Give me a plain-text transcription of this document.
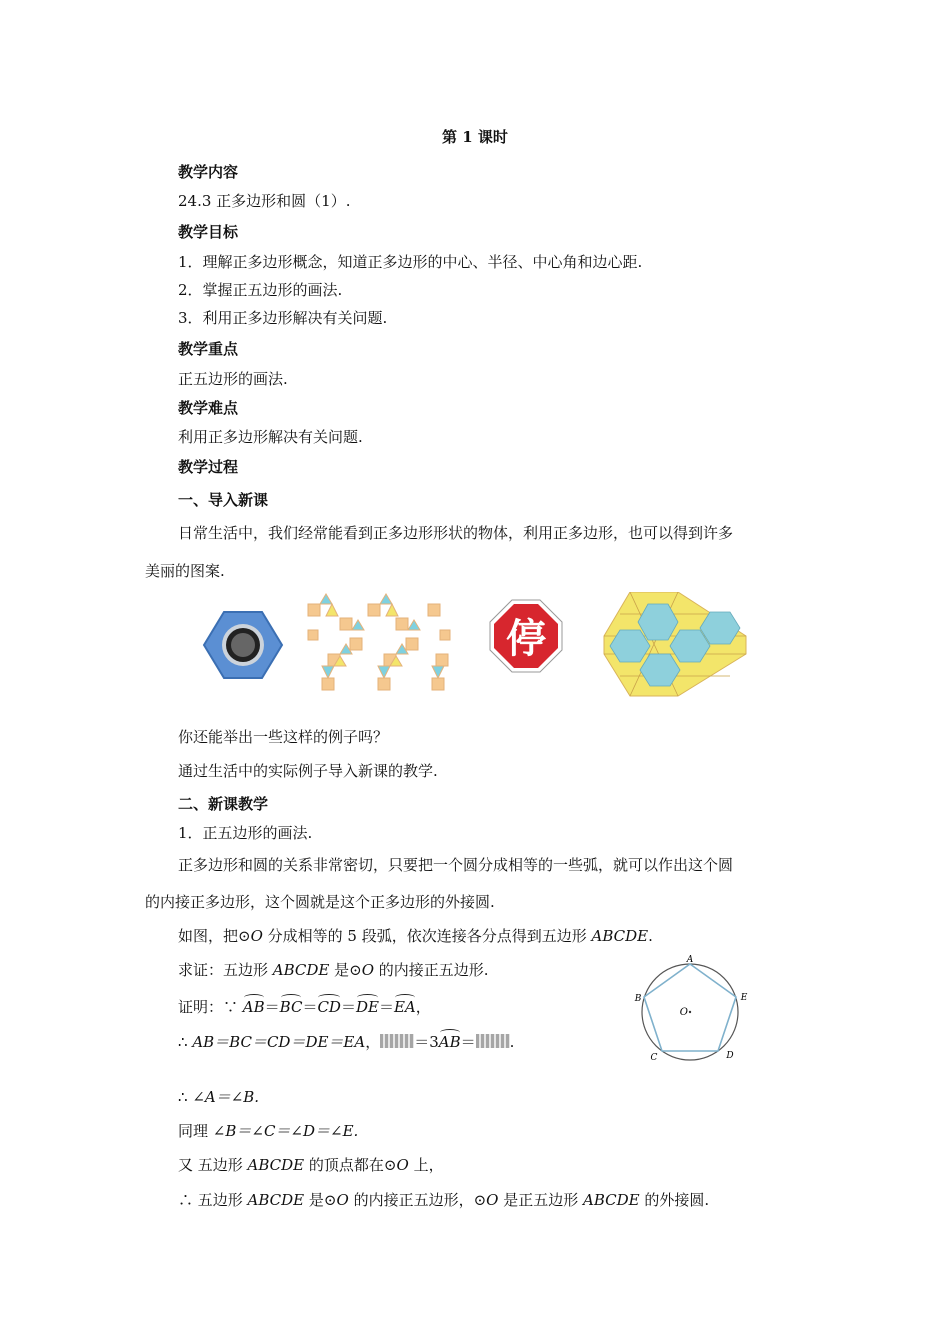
第 1 课时
教学内容
24.3 正多边形和圆（1）.
教学目标
1．理解正多边形概念，知道正多边形的中心、半径、中心角和边心距.
2．掌握正五边形的画法.
3．利用正多边形解决有关问题.
教学重点
正五边形的画法.
教学难点
利用正多边形解决有关问题.
教学过程
一、导入新课
日常生活中，我们经常能看到正多边形形状的物体，利用正多边形，也可以得到许多
美丽的图案.
停
你还能举出一些这样的例子吗？
通过生活中的实际例子导入新课的教学.
二、新课教学
1．正五边形的画法.
正多边形和圆的关系非常密切，只要把一个圆分成相等的一些弧，就可以作出这个圆
的内接正多边形，这个圆就是这个正多边形的外接圆.
如图，把⊙O 分成相等的 5 段弧，依次连接各分点得到五边形 ABCDE.
求证：五边形 ABCDE 是⊙O 的内接正五边形.
证明：∵ AB＝BC＝CD＝DE＝EA，
∴ AB＝BC＝CD＝DE＝EA， ＝3AB＝ .
A
B
C	D
E
O
∴ ∠A＝∠B.
同理 ∠B＝∠C＝∠D＝∠E.
又 五边形 ABCDE 的顶点都在⊙O 上，
∴ 五边形 ABCDE 是⊙O 的内接正五边形，⊙O 是正五边形 ABCDE 的外接圆.
